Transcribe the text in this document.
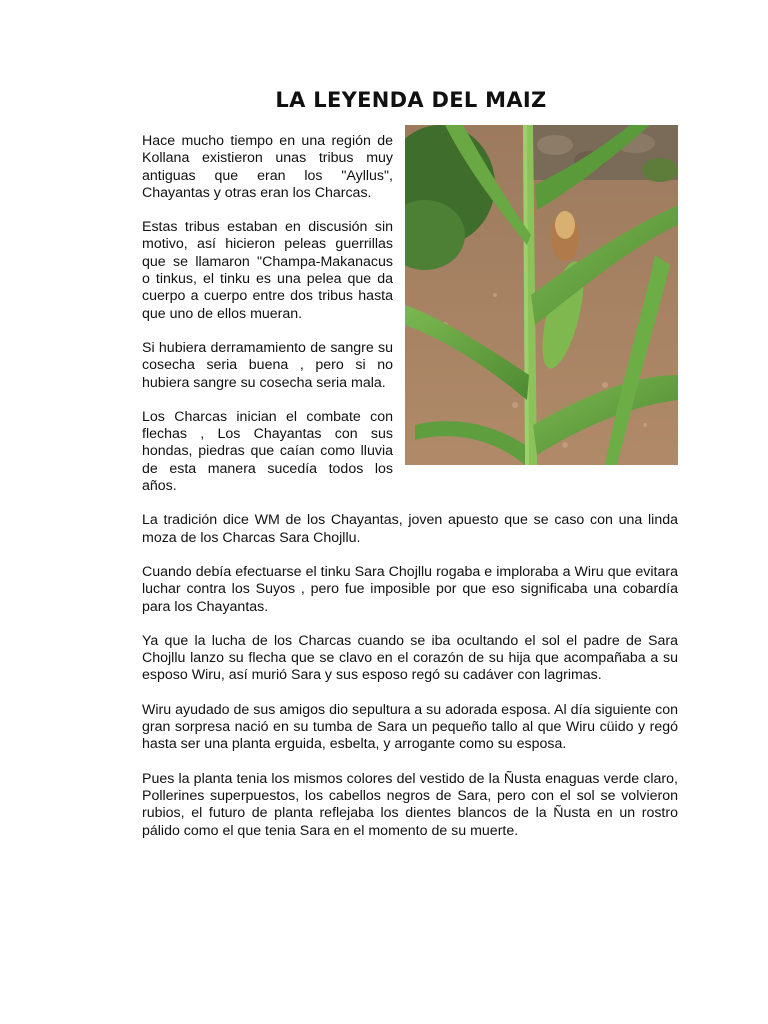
LA LEYENDA DEL MAIZ

Hace mucho tiempo en una región de Kollana existieron unas tribus muy antiguas que eran los "Ayllus", Chayantas y otras eran los Charcas.

Estas tribus estaban en discusión sin motivo, así hicieron peleas guerrillas que se llamaron "Champa-Makanacus o tinkus, el tinku es una pelea que da cuerpo a cuerpo entre dos tribus hasta que uno de ellos mueran.

Si hubiera derramamiento de sangre su cosecha seria buena , pero si no hubiera sangre su cosecha seria mala.

Los Charcas inician el combate con flechas , Los Chayantas con sus hondas, piedras que caían como lluvia de esta manera sucedía todos los años.

La tradición dice WM de los Chayantas, joven apuesto que se caso con una linda moza de los Charcas Sara Chojllu.

Cuando debía efectuarse el tinku Sara Chojllu rogaba e imploraba a Wiru que evitara luchar contra los Suyos , pero fue imposible por que eso significaba una cobardía para los Chayantas.

Ya que la lucha de los Charcas cuando se iba ocultando el sol el padre de Sara Chojllu lanzo su flecha que se clavo en el corazón de su hija que acompañaba a su esposo Wiru, así murió Sara y sus esposo regó su cadáver con lagrimas.

Wiru ayudado de sus amigos dio sepultura a su adorada esposa. Al día siguiente con gran sorpresa nació en su tumba de Sara un pequeño tallo al que Wiru cüido y regó hasta ser una planta erguida, esbelta, y arrogante como su esposa.

Pues la planta tenia los mismos colores del vestido de la Ñusta enaguas verde claro, Pollerines superpuestos, los cabellos negros de Sara, pero con el sol se volvieron rubios, el futuro de planta reflejaba los dientes blancos de la Ñusta en un rostro pálido como el que tenia Sara en el momento de su muerte.
